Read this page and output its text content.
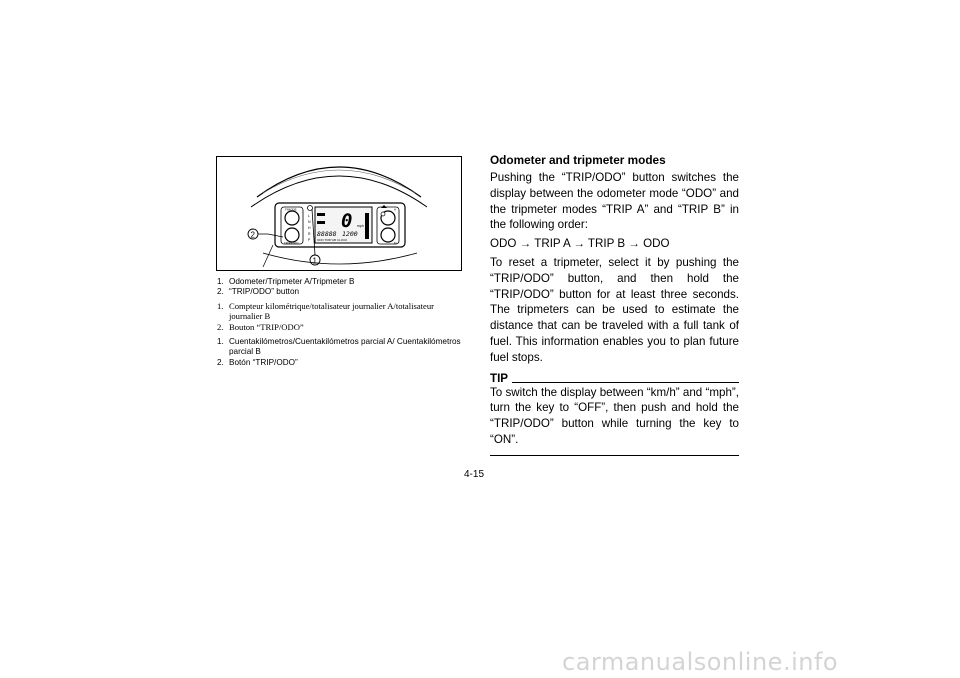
FIMODE
TRIP/ODO
H
M
L
N
H
R
P
0 mph
88888 1200
ODO TRIP AB CLOCK
1
2
1. Odometer/Tripmeter A/Tripmeter B
2. “TRIP/ODO” button
1. Compteur kilométrique/totalisateur journalier A/totalisateur journalier B
2. Bouton “TRIP/ODO”
1. Cuentakilómetros/Cuentakilómetros parcial A/ Cuentakilómetros parcial B
2. Botón “TRIP/ODO”
Odometer and tripmeter modes

Pushing the “TRIP/ODO” button switches the display between the odometer mode “ODO” and the tripmeter modes “TRIP A” and “TRIP B” in the following order:

ODO → TRIP A → TRIP B → ODO

To reset a tripmeter, select it by pushing the “TRIP/ODO” button, and then hold the “TRIP/ODO” button for at least three seconds. The tripmeters can be used to estimate the distance that can be traveled with a full tank of fuel. This information enables you to plan future fuel stops.

TIP

To switch the display between “km/h” and “mph”, turn the key to “OFF”, then push and hold the “TRIP/ODO” button while turning the key to “ON”.

4-15
carmanualsonline.info
